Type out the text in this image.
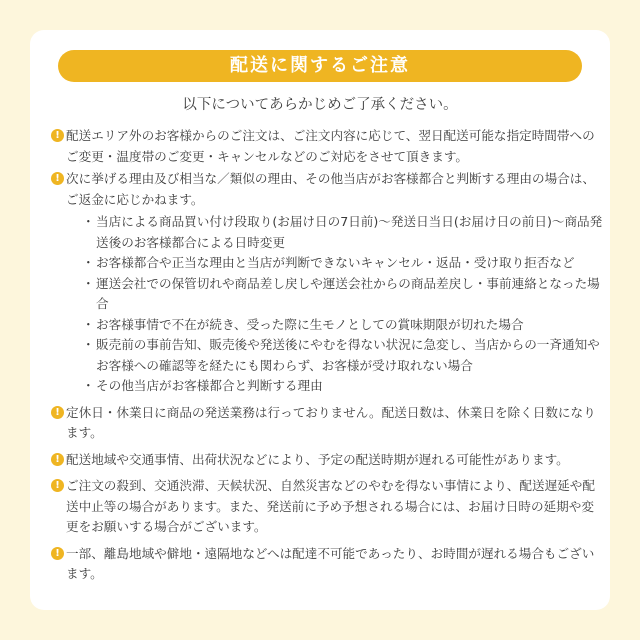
配送に関するご注意
以下についてあらかじめご了承ください。
! 配送エリア外のお客様からのご注文は、ご注文内容に応じて、翌日配送可能な指定時間帯へのご変更・温度帯のご変更・キャンセルなどのご対応をさせて頂きます。
! 次に挙げる理由及び相当な／類似の理由、その他当店がお客様都合と判断する理由の場合は、ご返金に応じかねます。
・ 当店による商品買い付け段取り(お届け日の7日前)〜発送日当日(お届け日の前日)〜商品発送後のお客様都合による日時変更
・ お客様都合や正当な理由と当店が判断できないキャンセル・返品・受け取り拒否など
・ 運送会社での保管切れや商品差し戻しや運送会社からの商品差戻し・事前連絡となった場合
・ お客様事情で不在が続き、受った際に生モノとしての賞味期限が切れた場合
・ 販売前の事前告知、販売後や発送後にやむを得ない状況に急変し、当店からの一斉通知やお客様への確認等を経たにも関わらず、お客様が受け取れない場合
・ その他当店がお客様都合と判断する理由
! 定休日・休業日に商品の発送業務は行っておりません。配送日数は、休業日を除く日数になります。
! 配送地域や交通事情、出荷状況などにより、予定の配送時期が遅れる可能性があります。
! ご注文の殺到、交通渋滞、天候状況、自然災害などのやむを得ない事情により、配送遅延や配送中止等の場合があります。また、発送前に予め予想される場合には、お届け日時の延期や変更をお願いする場合がございます。
! 一部、離島地域や僻地・遠隔地などへは配達不可能であったり、お時間が遅れる場合もございます。
